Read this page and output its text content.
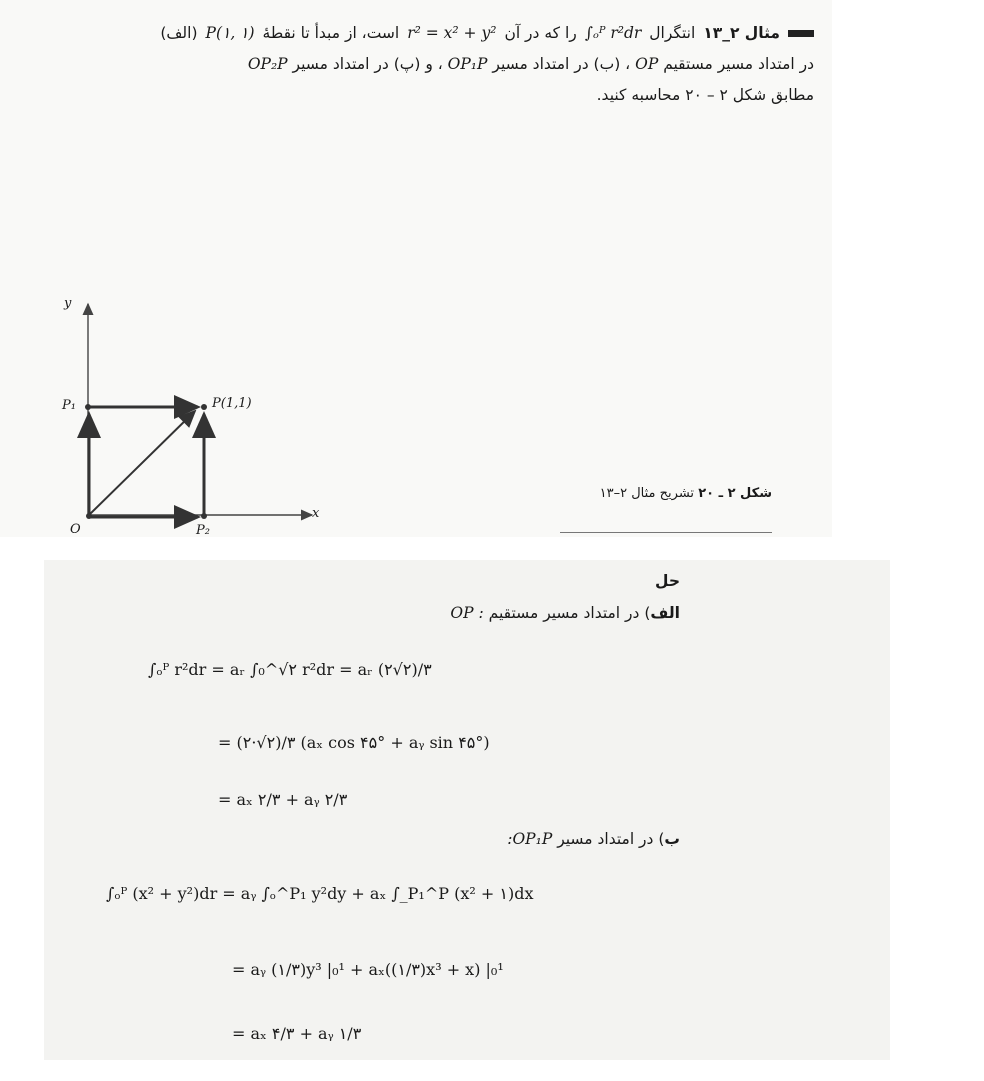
مثال ۲_۱۳
انتگرال
∫ₒᴾ r²dr
را که در آن
r² = x² + y²
است، از مبدأ تا نقطهٔ
P(۱, ۱)
(الف)
در امتداد مسیر مستقیم OP ، (ب) در امتداد مسیر OP₁P ، و (پ) در امتداد مسیر OP₂P
مطابق شکل ۲ – ۲۰ محاسبه کنید.
y
x
O
P₁
P₂
P(1,1)
شکل ۲ ـ ۲۰ تشریح مثال ۲–۱۳
حل
الف) در امتداد مسیر مستقیم OP :
∫ₒᴾ r²dr = aᵣ ∫₀^√۲ r²dr = aᵣ (۲√۲)/۳
= (۲·√۲)/۳ (aₓ cos ۴۵° + aᵧ sin ۴۵°)
= aₓ ۲/۳ + aᵧ ۲/۳
ب) در امتداد مسیر :OP₁P
∫ₒᴾ (x² + y²)dr = aᵧ ∫ₒ^P₁ y²dy + aₓ ∫_P₁^P (x² + ۱)dx
= aᵧ (۱/۳)y³ |₀¹ + aₓ((۱/۳)x³ + x) |₀¹
= aₓ ۴/۳ + aᵧ ۱/۳
